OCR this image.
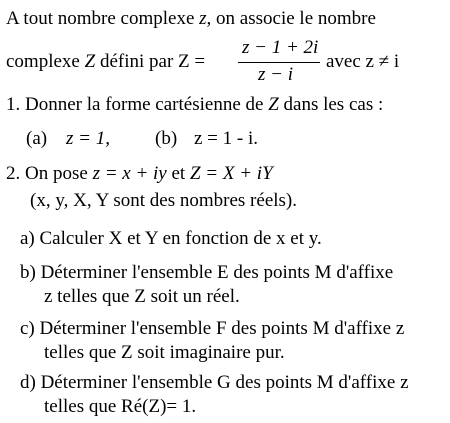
A tout nombre complexe z, on associe le nombre
complexe Z défini par Z =
z − 1 + 2i
z − i
avec z ≠ i
1. Donner la forme cartésienne de Z dans les cas :
(a) z = 1, (b) z = 1 - i.
2. On pose z = x + iy et Z = X + iY
(x, y, X, Y sont des nombres réels).
a) Calculer X et Y en fonction de x et y.
b) Déterminer l'ensemble E des points M d'affixe
z telles que Z soit un réel.
c) Déterminer l'ensemble F des points M d'affixe z
telles que Z soit imaginaire pur.
d) Déterminer l'ensemble G des points M d'affixe z
telles que Ré(Z)= 1.
